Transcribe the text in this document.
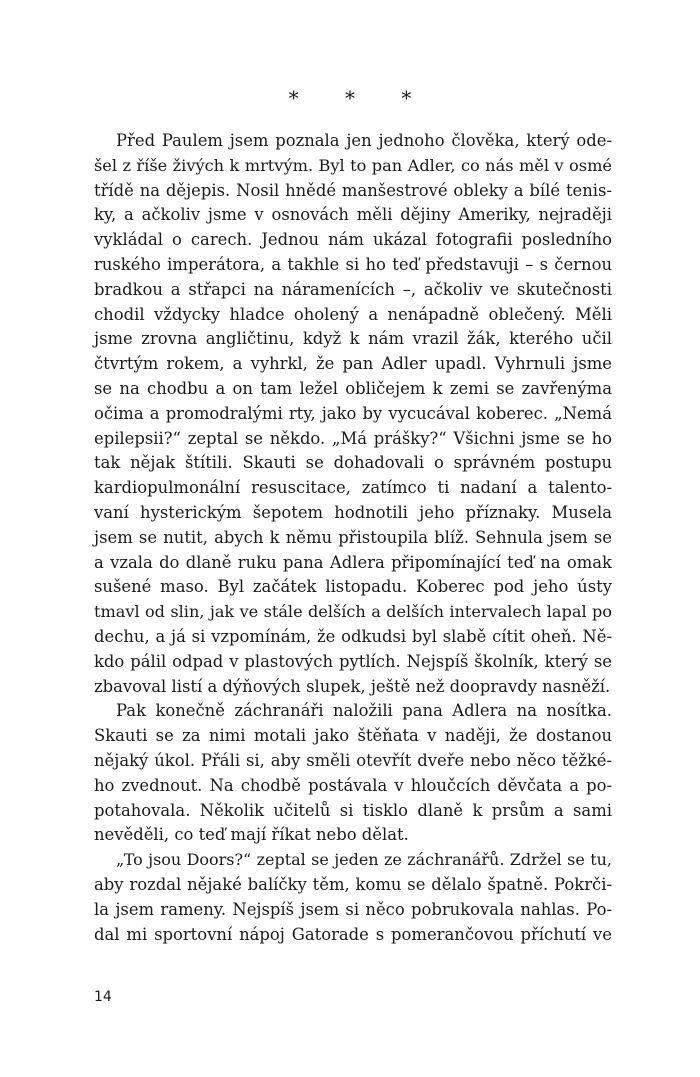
* * *
Před Paulem jsem poznala jen jednoho člověka, který ode-
šel z říše živých k mrtvým. Byl to pan Adler, co nás měl v osmé
třídě na dějepis. Nosil hnědé manšestrové obleky a bílé tenis-
ky, a ačkoliv jsme v osnovách měli dějiny Ameriky, nejraději
vykládal o carech. Jednou nám ukázal fotografii posledního
ruského imperátora, a takhle si ho teď představuji – s černou
bradkou a střapci na náramenících –, ačkoliv ve skutečnosti
chodil vždycky hladce oholený a nenápadně oblečený. Měli
jsme zrovna angličtinu, když k nám vrazil žák, kterého učil
čtvrtým rokem, a vyhrkl, že pan Adler upadl. Vyhrnuli jsme
se na chodbu a on tam ležel obličejem k zemi se zavřenýma
očima a promodralými rty, jako by vycucával koberec. „Nemá
epilepsii?“ zeptal se někdo. „Má prášky?“ Všichni jsme se ho
tak nějak štítili. Skauti se dohadovali o správném postupu
kardiopulmonální resuscitace, zatímco ti nadaní a talento-
vaní hysterickým šepotem hodnotili jeho příznaky. Musela
jsem se nutit, abych k němu přistoupila blíž. Sehnula jsem se
a vzala do dlaně ruku pana Adlera připomínající teď na omak
sušené maso. Byl začátek listopadu. Koberec pod jeho ústy
tmavl od slin, jak ve stále delších a delších intervalech lapal po
dechu, a já si vzpomínám, že odkudsi byl slabě cítit oheň. Ně-
kdo pálil odpad v plastových pytlích. Nejspíš školník, který se
zbavoval listí a dýňových slupek, ještě než doopravdy nasněží.
Pak konečně záchranáři naložili pana Adlera na nosítka.
Skauti se za nimi motali jako štěňata v naději, že dostanou
nějaký úkol. Přáli si, aby směli otevřít dveře nebo něco těžké-
ho zvednout. Na chodbě postávala v hloučcích děvčata a po-
potahovala. Několik učitelů si tisklo dlaně k prsům a sami
nevěděli, co teď mají říkat nebo dělat.
„To jsou Doors?“ zeptal se jeden ze záchranářů. Zdržel se tu,
aby rozdal nějaké balíčky těm, komu se dělalo špatně. Pokrči-
la jsem rameny. Nejspíš jsem si něco pobrukovala nahlas. Po-
dal mi sportovní nápoj Gatorade s pomerančovou příchutí ve
14
